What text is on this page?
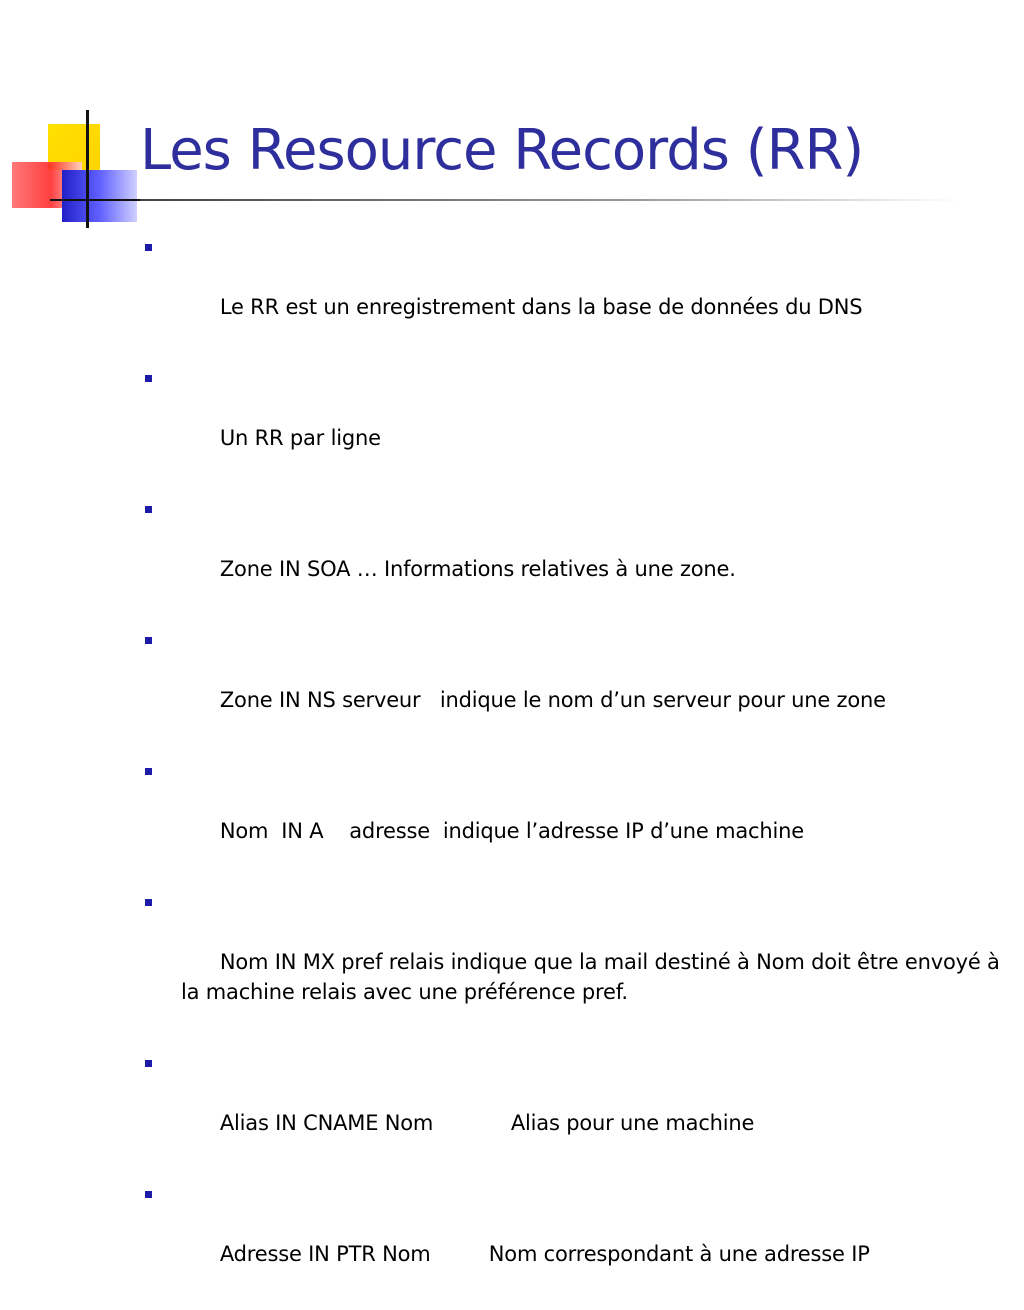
Les Resource Records (RR)

Le RR est un enregistrement dans la base de données du DNS

Un RR par ligne

Zone IN SOA … Informations relatives à une zone.

Zone IN NS serveur   indique le nom d’un serveur pour une zone

Nom  IN A    adresse  indique l’adresse IP d’une machine

Nom IN MX pref relais indique que la mail destiné à Nom doit être envoyé à  la machine relais avec une préférence pref.

Alias IN CNAME Nom            Alias pour une machine

Adresse IN PTR Nom         Nom correspondant à une adresse IP
